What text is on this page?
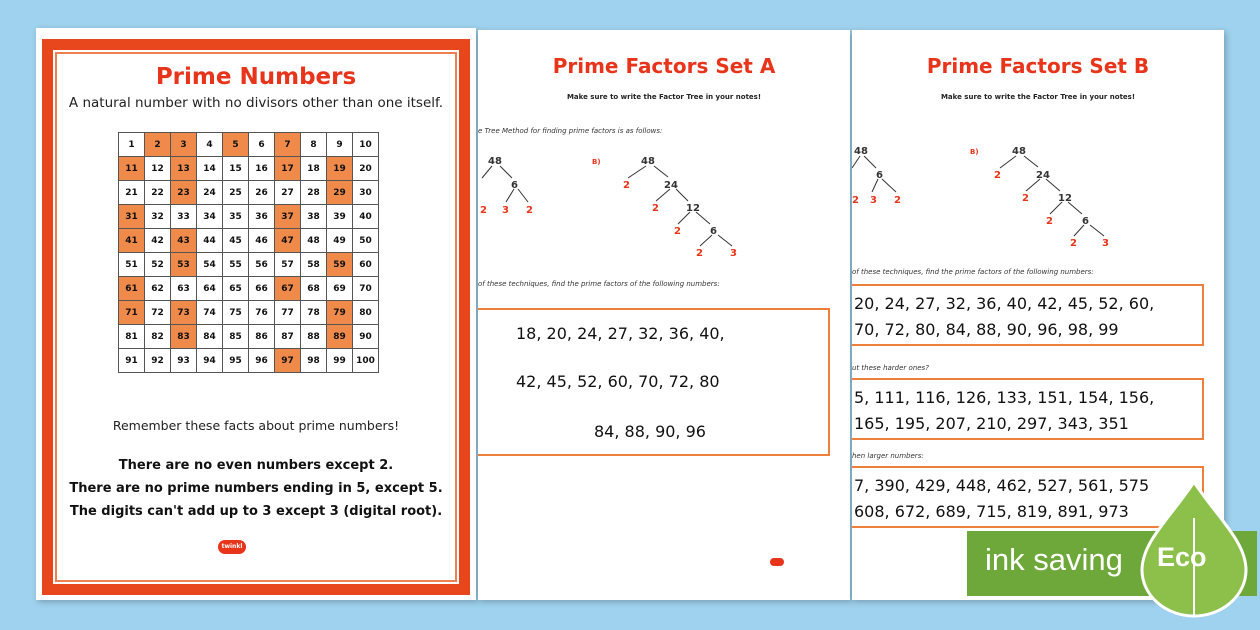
Prime Numbers
A natural number with no divisors other than one itself.
1	2	3	4	5	6	7	8	9	10
11	12	13	14	15	16	17	18	19	20
21	22	23	24	25	26	27	28	29	30
31	32	33	34	35	36	37	38	39	40
41	42	43	44	45	46	47	48	49	50
51	52	53	54	55	56	57	58	59	60
61	62	63	64	65	66	67	68	69	70
71	72	73	74	75	76	77	78	79	80
81	82	83	84	85	86	87	88	89	90
91	92	93	94	95	96	97	98	99	100
Remember these facts about prime numbers!
There are no even numbers except 2.
There are no prime numbers ending in 5, except 5.
The digits can't add up to 3 except 3 (digital root).
twinkl
Prime Factors Set A
Make sure to write the Factor Tree in your notes!
e Tree Method for finding prime factors is as follows:
48
6
2 3 2
B)	48
24
2
12
2
6
2
2	3
of these techniques, find the prime factors of the following numbers:
18, 20, 24, 27, 32, 36, 40,
42, 45, 52, 60, 70, 72, 80
84, 88, 90, 96
Prime Factors Set B
Make sure to write the Factor Tree in your notes!
48
6
2 3 2
B)	48
24
2
12
2
6
2
2	3
of these techniques, find the prime factors of the following numbers:
20, 24, 27, 32, 36, 40, 42, 45, 52, 60,
70, 72, 80, 84, 88, 90, 96, 98, 99
ut these harder ones?
5, 111, 116, 126, 133, 151, 154, 156,
165, 195, 207, 210, 297, 343, 351
hen larger numbers:
7, 390, 429, 448, 462, 527, 561, 575
608, 672, 689, 715, 819, 891, 973
ink saving Eco
